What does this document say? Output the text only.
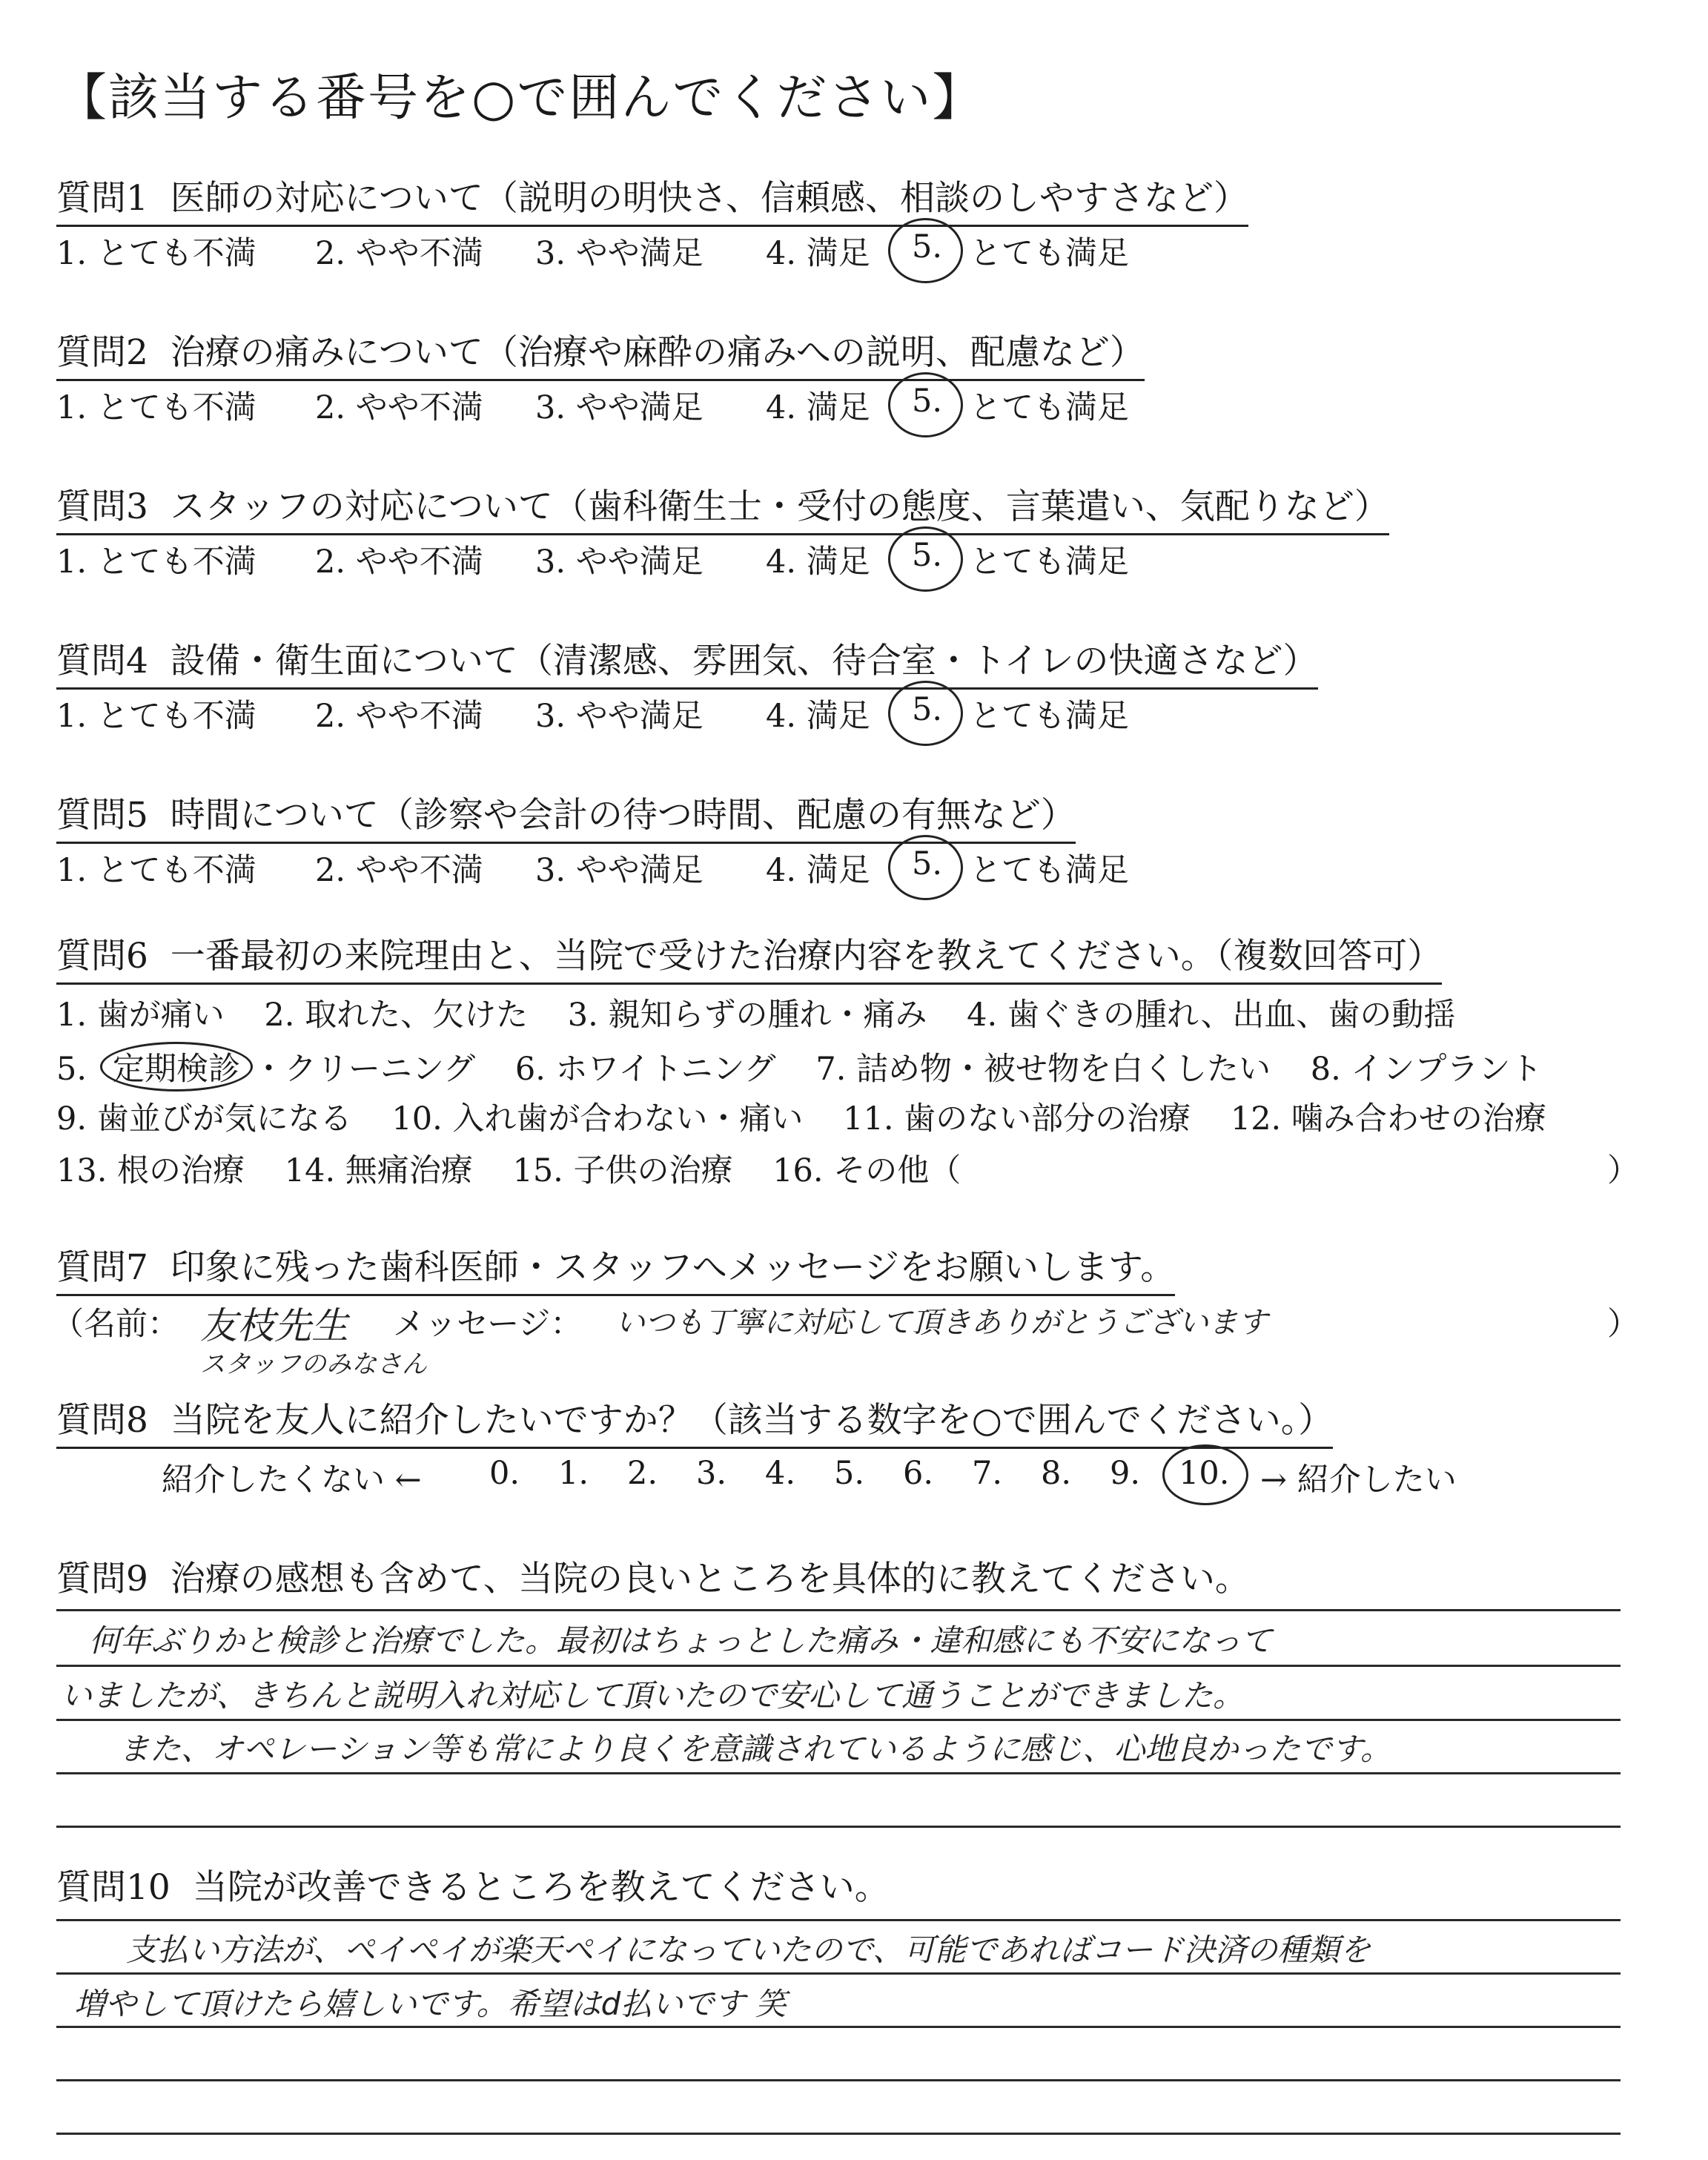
【該当する番号を○で囲んでください】
質問1 医師の対応について（説明の明快さ、信頼感、相談のしやすさなど）
1. とても不満 2. やや不満 3. やや満足 4. 満足 5. とても満足
質問2 治療の痛みについて（治療や麻酔の痛みへの説明、配慮など）
1. とても不満 2. やや不満 3. やや満足 4. 満足 5. とても満足
質問3 スタッフの対応について（歯科衛生士・受付の態度、言葉遣い、気配りなど）
1. とても不満 2. やや不満 3. やや満足 4. 満足 5. とても満足
質問4 設備・衛生面について（清潔感、雰囲気、待合室・トイレの快適さなど）
1. とても不満 2. やや不満 3. やや満足 4. 満足 5. とても満足
質問5 時間について（診察や会計の待つ時間、配慮の有無など）
1. とても不満 2. やや不満 3. やや満足 4. 満足 5. とても満足
質問6 一番最初の来院理由と、当院で受けた治療内容を教えてください。（複数回答可）
1. 歯が痛い 2. 取れた、欠けた 3. 親知らずの腫れ・痛み 4. 歯ぐきの腫れ、出血、歯の動揺
5. 定期検診 ・クリーニング 6. ホワイトニング 7. 詰め物・被せ物を白くしたい 8. インプラント
9. 歯並びが気になる 10. 入れ歯が合わない・痛い 11. 歯のない部分の治療 12. 噛み合わせの治療
13. 根の治療 14. 無痛治療 15. 子供の治療 16. その他（	）
質問7 印象に残った歯科医師・スタッフへメッセージをお願いします。
（名前： 友枝先生
スタッフのみなさん
メッセージ： いつも丁寧に対応して頂きありがとうございます	）
質問8 当院を友人に紹介したいですか？（該当する数字を○で囲んでください。）
紹介したくない ← 0. 1. 2. 3. 4. 5. 6. 7. 8. 9. 10. → 紹介したい
質問9 治療の感想も含めて、当院の良いところを具体的に教えてください。
何年ぶりかと検診と治療でした。最初はちょっとした痛み・違和感にも不安になって
いましたが、きちんと説明入れ対応して頂いたので安心して通うことができました。
また、オペレーション等も常により良くを意識されているように感じ、心地良かったです。
質問10 当院が改善できるところを教えてください。
支払い方法が、ペイペイが楽天ペイになっていたので、可能であればコード決済の種類を
増やして頂けたら嬉しいです。希望はd払いです 笑
